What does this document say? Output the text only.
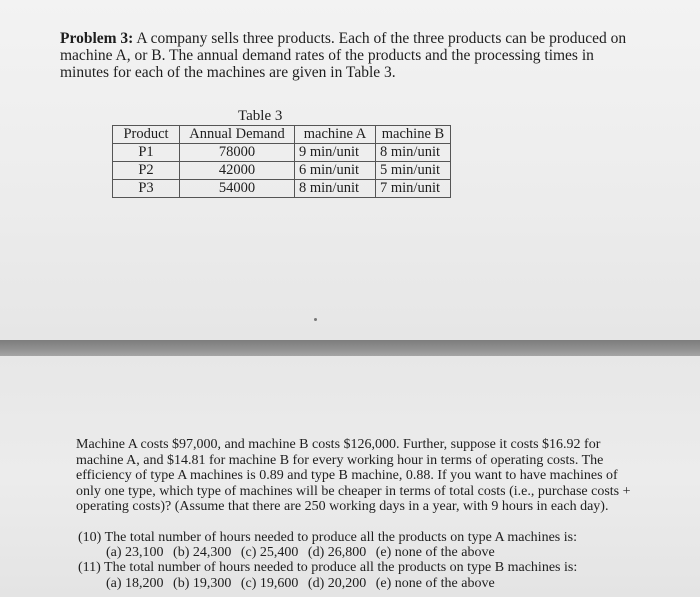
Problem 3: A company sells three products. Each of the three products can be produced on machine A, or B. The annual demand rates of the products and the processing times in minutes for each of the machines are given in Table 3.
Table 3
Product	Annual Demand	machine A	machine B
P1	78000	9 min/unit	8 min/unit
P2	42000	6 min/unit	5 min/unit
P3	54000	8 min/unit	7 min/unit
Machine A costs $97,000, and machine B costs $126,000. Further, suppose it costs $16.92 for machine A, and $14.81 for machine B for every working hour in terms of operating costs. The efficiency of type A machines is 0.89 and type B machine, 0.88. If you want to have machines of only one type, which type of machines will be cheaper in terms of total costs (i.e., purchase costs + operating costs)? (Assume that there are 250 working days in a year, with 9 hours in each day).
(10) The total number of hours needed to produce all the products on type A machines is:
(a) 23,100 (b) 24,300 (c) 25,400 (d) 26,800 (e) none of the above
(11) The total number of hours needed to produce all the products on type B machines is:
(a) 18,200 (b) 19,300 (c) 19,600 (d) 20,200 (e) none of the above
